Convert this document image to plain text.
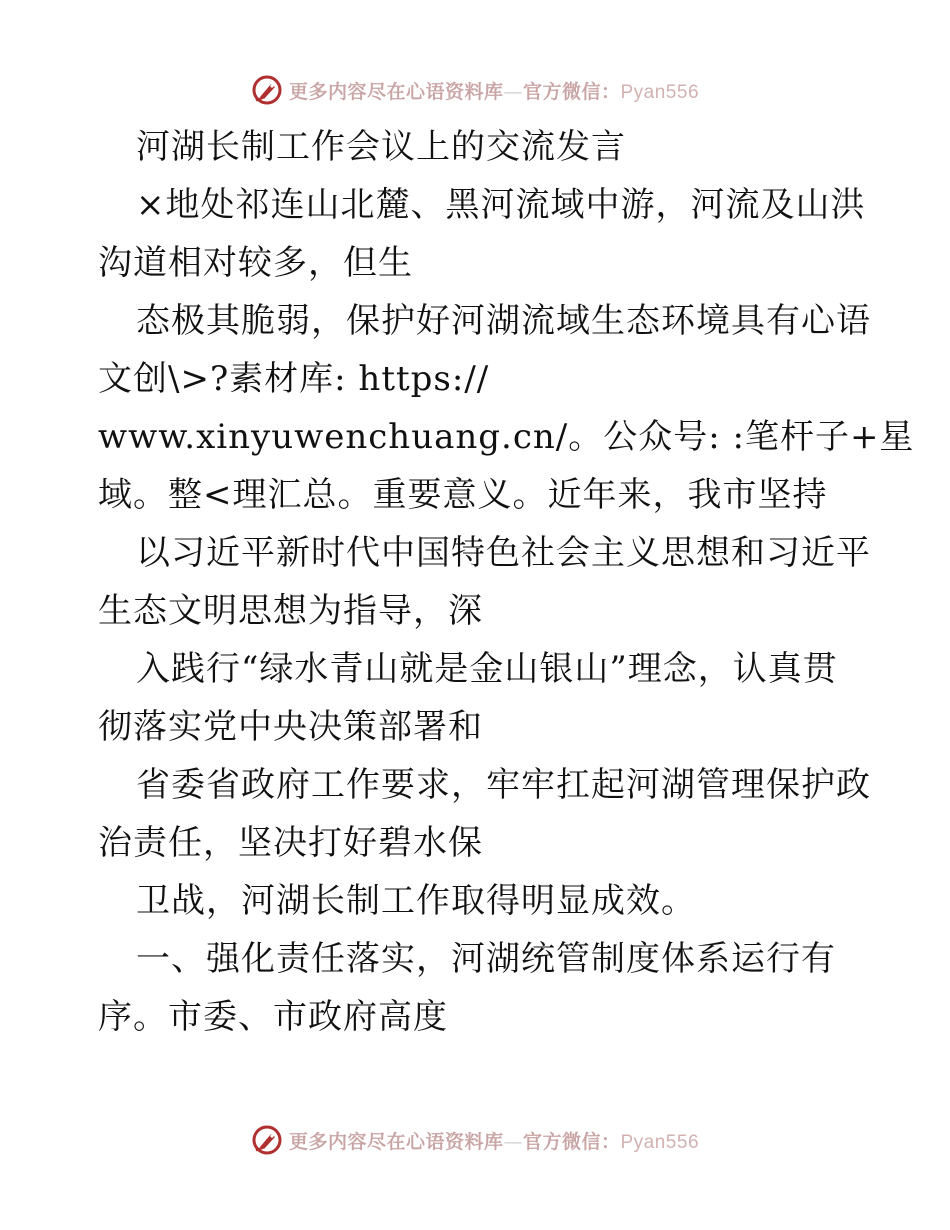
更多内容尽在心语资料库—官方微信：Pyan556

河湖长制工作会议上的交流发言

×地处祁连山北麓、黑河流域中游，河流及山洪

沟道相对较多，但生

态极其脆弱，保护好河湖流域生态环境具有心语

文创\>?素材库: https://

www.xinyuwenchuang.cn/。公众号: :笔杆子+星

域。整<理汇总。重要意义。近年来，我市坚持

以习近平新时代中国特色社会主义思想和习近平

生态文明思想为指导，深

入践行“绿水青山就是金山银山”理念，认真贯

彻落实党中央决策部署和

省委省政府工作要求，牢牢扛起河湖管理保护政

治责任，坚决打好碧水保

卫战，河湖长制工作取得明显成效。

一、强化责任落实，河湖统管制度体系运行有

序。市委、市政府高度

更多内容尽在心语资料库—官方微信：Pyan556
